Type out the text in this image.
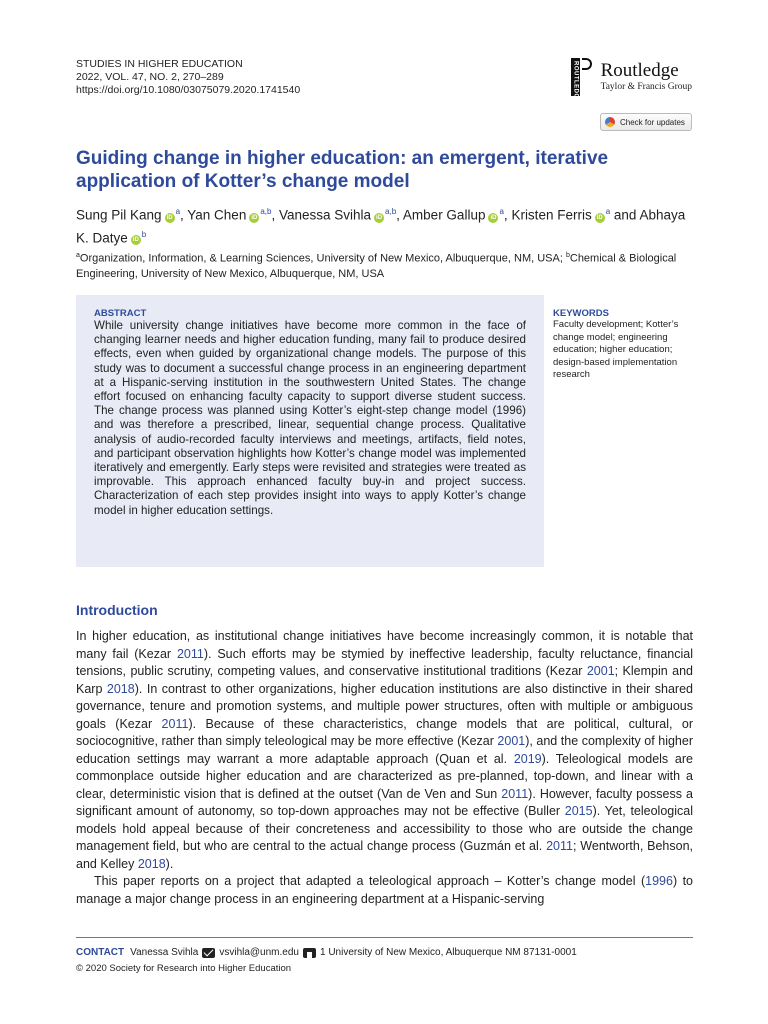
STUDIES IN HIGHER EDUCATION
2022, VOL. 47, NO. 2, 270–289
https://doi.org/10.1080/03075079.2020.1741540	ROUTLEDGE Routledge
Taylor & Francis Group
Check for updates
Guiding change in higher education: an emergent, iterative application of Kotter’s change model
Sung Pil Kang $iD^a$, Yan Chen iD$^{a,b}$, Vanessa Svihla iD$^{a,b}$, Amber Gallup $iD^a$, Kristen Ferris $iD^a$ and Abhaya K. Datye $iD^b$
$^a$Organization, Information, & Learning Sciences, University of New Mexico, Albuquerque, NM, USA; $^b$Chemical & Biological Engineering, University of New Mexico, Albuquerque, NM, USA
ABSTRACT
While university change initiatives have become more common in the face of changing learner needs and higher education funding, many fail to produce desired effects, even when guided by organizational change models. The purpose of this study was to document a successful change process in an engineering department at a Hispanic-serving institution in the southwestern United States. The change effort focused on enhancing faculty capacity to support diverse student success. The change process was planned using Kotter’s eight-step change model (1996) and was therefore a prescribed, linear, sequential change process. Qualitative analysis of audio-recorded faculty interviews and meetings, artifacts, field notes, and participant observation highlights how Kotter’s change model was implemented iteratively and emergently. Early steps were revisited and strategies were treated as improvable. This approach enhanced faculty buy-in and project success. Characterization of each step provides insight into ways to apply Kotter’s change model in higher education settings.
KEYWORDS
Faculty development; Kotter’s change model; engineering education; higher education; design-based implementation research
Introduction

In higher education, as institutional change initiatives have become increasingly common, it is notable that many fail (Kezar 2011). Such efforts may be stymied by ineffective leadership, faculty reluctance, financial tensions, public scrutiny, competing values, and conservative institutional traditions (Kezar 2001; Klempin and Karp 2018). In contrast to other organizations, higher education institutions are also distinctive in their shared governance, tenure and promotion systems, and multiple power structures, often with multiple or ambiguous goals (Kezar 2011). Because of these characteristics, change models that are political, cultural, or sociocognitive, rather than simply teleological may be more effective (Kezar 2001), and the complexity of higher education settings may warrant a more adaptable approach (Quan et al. 2019). Teleological models are commonplace outside higher education and are characterized as pre-planned, top-down, and linear with a clear, deterministic vision that is defined at the outset (Van de Ven and Sun 2011). However, faculty possess a significant amount of autonomy, so top-down approaches may not be effective (Buller 2015). Yet, teleological models hold appeal because of their concreteness and accessibility to those who are outside the change management field, but who are central to the actual change process (Guzmán et al. 2011; Wentworth, Behson, and Kelley 2018).

This paper reports on a project that adapted a teleological approach – Kotter’s change model (1996) to manage a major change process in an engineering department at a Hispanic-serving

CONTACT Vanessa Svihla vsvihla@unm.edu 1 University of New Mexico, Albuquerque NM 87131-0001
© 2020 Society for Research into Higher Education
